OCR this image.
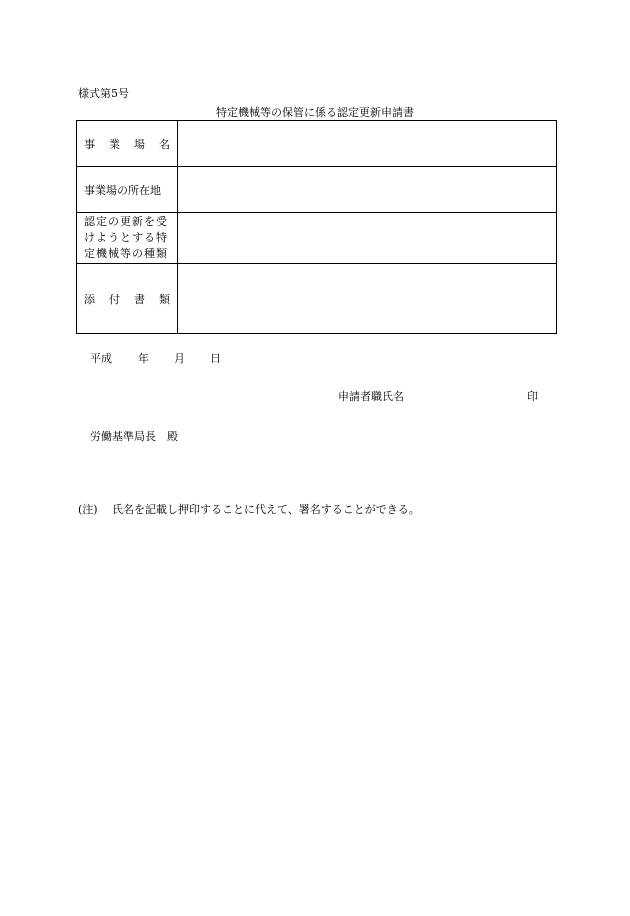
様式第5号
特定機械等の保管に係る認定更新申請書
事 業 場 名	

事業場の所在地	

認定の更新を受
けようとする特
定機械等の種類	

添 付 書 類	

平成 年 月 日
申請者職氏名	印
労働基準局長　殿
(注)	氏名を記載し押印することに代えて、署名することができる。
